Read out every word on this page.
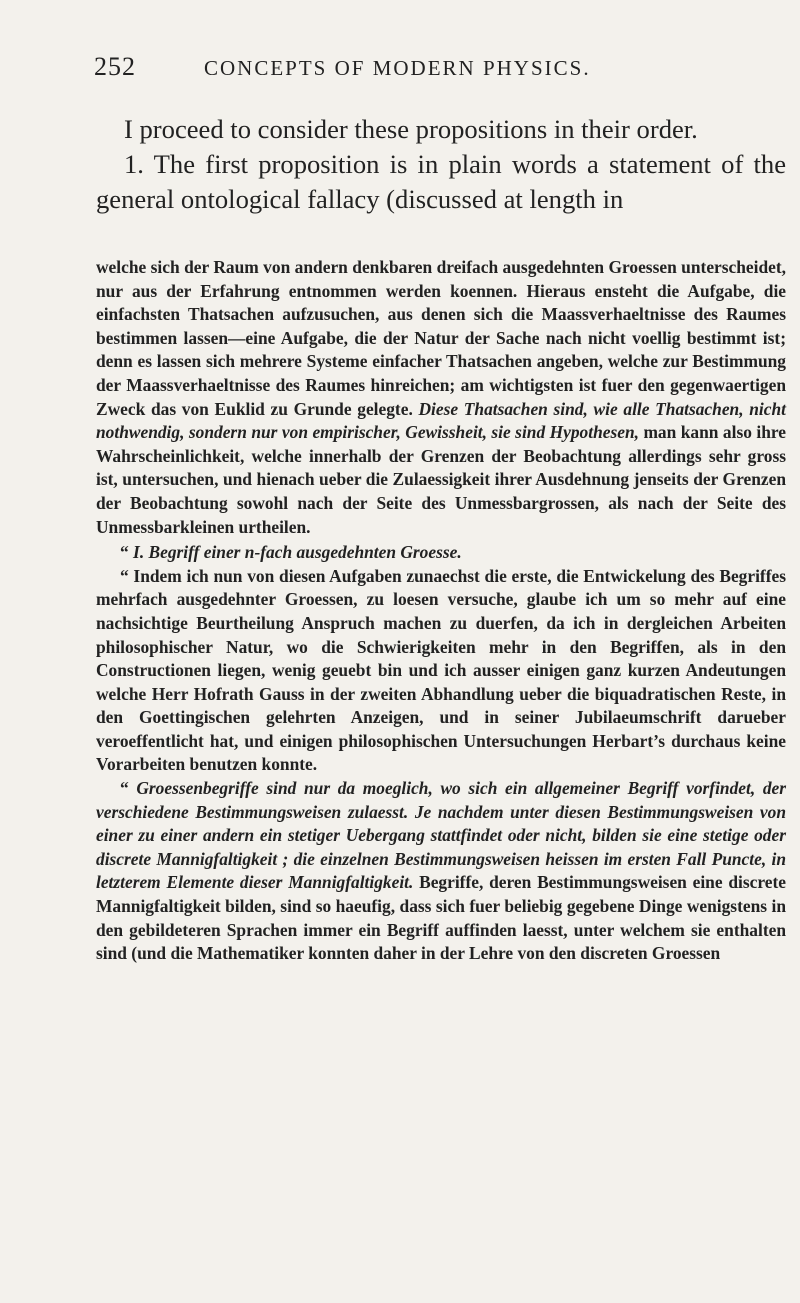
252	CONCEPTS OF MODERN PHYSICS.

I proceed to consider these propositions in their order.

1. The first proposition is in plain words a statement of the general ontological fallacy (discussed at length in

welche sich der Raum von andern denkbaren dreifach ausgedehnten Groessen unterscheidet, nur aus der Erfahrung entnommen werden koennen. Hieraus ensteht die Aufgabe, die einfachsten Thatsachen aufzusuchen, aus denen sich die Maassverhaeltnisse des Raumes bestimmen lassen—eine Aufgabe, die der Natur der Sache nach nicht voellig bestimmt ist; denn es lassen sich mehrere Systeme einfacher Thatsachen angeben, welche zur Bestimmung der Maassverhaeltnisse des Raumes hinreichen; am wichtigsten ist fuer den gegenwaertigen Zweck das von Euklid zu Grunde gelegte. Diese Thatsachen sind, wie alle Thatsachen, nicht nothwendig, sondern nur von empirischer, Gewissheit, sie sind Hypothesen, man kann also ihre Wahrscheinlichkeit, welche innerhalb der Grenzen der Beobachtung allerdings sehr gross ist, untersuchen, und hienach ueber die Zulaessigkeit ihrer Ausdehnung jenseits der Grenzen der Beobachtung sowohl nach der Seite des Unmessbargrossen, als nach der Seite des Unmessbarkleinen urtheilen.

“ I. Begriff einer n-fach ausgedehnten Groesse.

“ Indem ich nun von diesen Aufgaben zunaechst die erste, die Entwickelung des Begriffes mehrfach ausgedehnter Groessen, zu loesen versuche, glaube ich um so mehr auf eine nachsichtige Beurtheilung Anspruch machen zu duerfen, da ich in dergleichen Arbeiten philosophischer Natur, wo die Schwierigkeiten mehr in den Begriffen, als in den Constructionen liegen, wenig geuebt bin und ich ausser einigen ganz kurzen Andeutungen welche Herr Hofrath Gauss in der zweiten Abhandlung ueber die biquadratischen Reste, in den Goettingischen gelehrten Anzeigen, und in seiner Jubilaeumschrift darueber veroeffentlicht hat, und einigen philosophischen Untersuchungen Herbart’s durchaus keine Vorarbeiten benutzen konnte.

“ Groessenbegriffe sind nur da moeglich, wo sich ein allgemeiner Begriff vorfindet, der verschiedene Bestimmungsweisen zulaesst. Je nachdem unter diesen Bestimmungsweisen von einer zu einer andern ein stetiger Uebergang stattfindet oder nicht, bilden sie eine stetige oder discrete Mannigfaltigkeit ; die einzelnen Bestimmungsweisen heissen im ersten Fall Puncte, in letzterem Elemente dieser Mannigfaltigkeit. Begriffe, deren Bestimmungsweisen eine discrete Mannigfaltigkeit bilden, sind so haeufig, dass sich fuer beliebig gegebene Dinge wenigstens in den gebildeteren Sprachen immer ein Begriff auffinden laesst, unter welchem sie enthalten sind (und die Mathematiker konnten daher in der Lehre von den discreten Groessen
